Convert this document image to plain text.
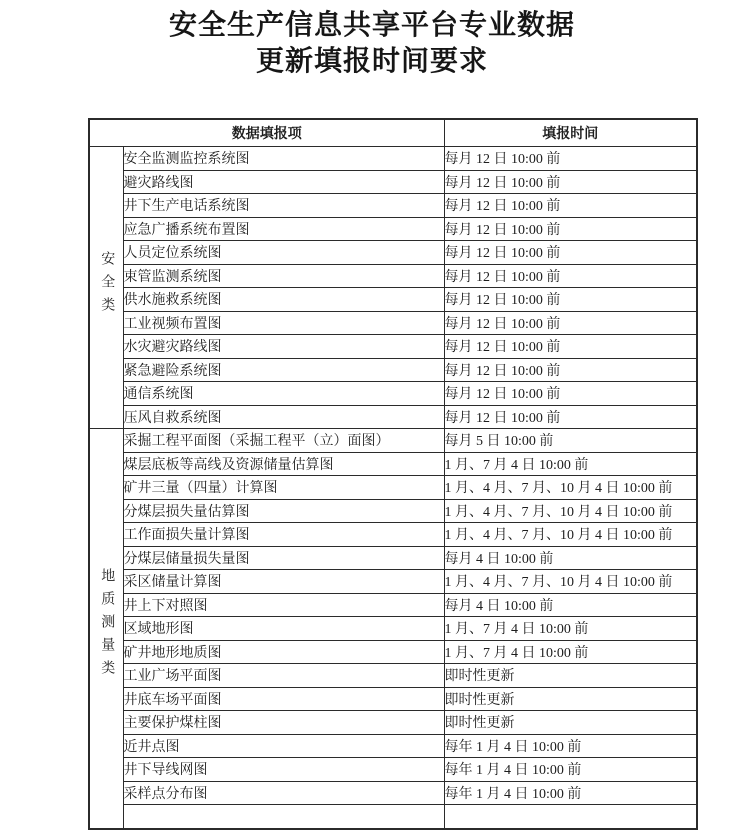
安全生产信息共享平台专业数据
更新填报时间要求
数据填报项		填报时间
安全类	安全监测监控系统图	每月 12 日 10:00 前
	避灾路线图	每月 12 日 10:00 前
	井下生产电话系统图	每月 12 日 10:00 前
	应急广播系统布置图	每月 12 日 10:00 前
	人员定位系统图	每月 12 日 10:00 前
	束管监测系统图	每月 12 日 10:00 前
	供水施救系统图	每月 12 日 10:00 前
	工业视频布置图	每月 12 日 10:00 前
	水灾避灾路线图	每月 12 日 10:00 前
	紧急避险系统图	每月 12 日 10:00 前
	通信系统图	每月 12 日 10:00 前
	压风自救系统图	每月 12 日 10:00 前
地质测量类	采掘工程平面图（采掘工程平（立）面图）	每月 5 日 10:00 前
	煤层底板等高线及资源储量估算图	1 月、7 月 4 日 10:00 前
	矿井三量（四量）计算图	1 月、4 月、7 月、10 月 4 日 10:00 前
	分煤层损失量估算图	1 月、4 月、7 月、10 月 4 日 10:00 前
	工作面损失量计算图	1 月、4 月、7 月、10 月 4 日 10:00 前
	分煤层储量损失量图	每月 4 日 10:00 前
	采区储量计算图	1 月、4 月、7 月、10 月 4 日 10:00 前
	井上下对照图	每月 4 日 10:00 前
	区域地形图	1 月、7 月 4 日 10:00 前
	矿井地形地质图	1 月、7 月 4 日 10:00 前
	工业广场平面图	即时性更新
	井底车场平面图	即时性更新
	主要保护煤柱图	即时性更新
	近井点图	每年 1 月 4 日 10:00 前
	井下导线网图	每年 1 月 4 日 10:00 前
	采样点分布图	每年 1 月 4 日 10:00 前
